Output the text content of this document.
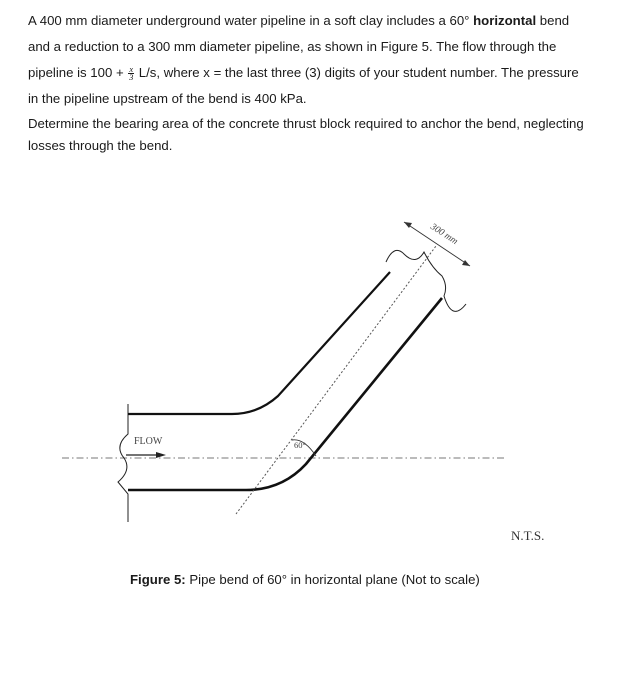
A 400 mm diameter underground water pipeline in a soft clay includes a 60° horizontal bend and a reduction to a 300 mm diameter pipeline, as shown in Figure 5. The flow through the pipeline is $100 + \frac{x}{3} L/s$, where x = the last three (3) digits of your student number. The pressure in the pipeline upstream of the bend is 400 kPa.
Determine the bearing area of the concrete thrust block required to anchor the bend, neglecting losses through the bend.
60°
FLOW
300 mm
N.T.S.
Figure 5: Pipe bend of 60° in horizontal plane (Not to scale)
